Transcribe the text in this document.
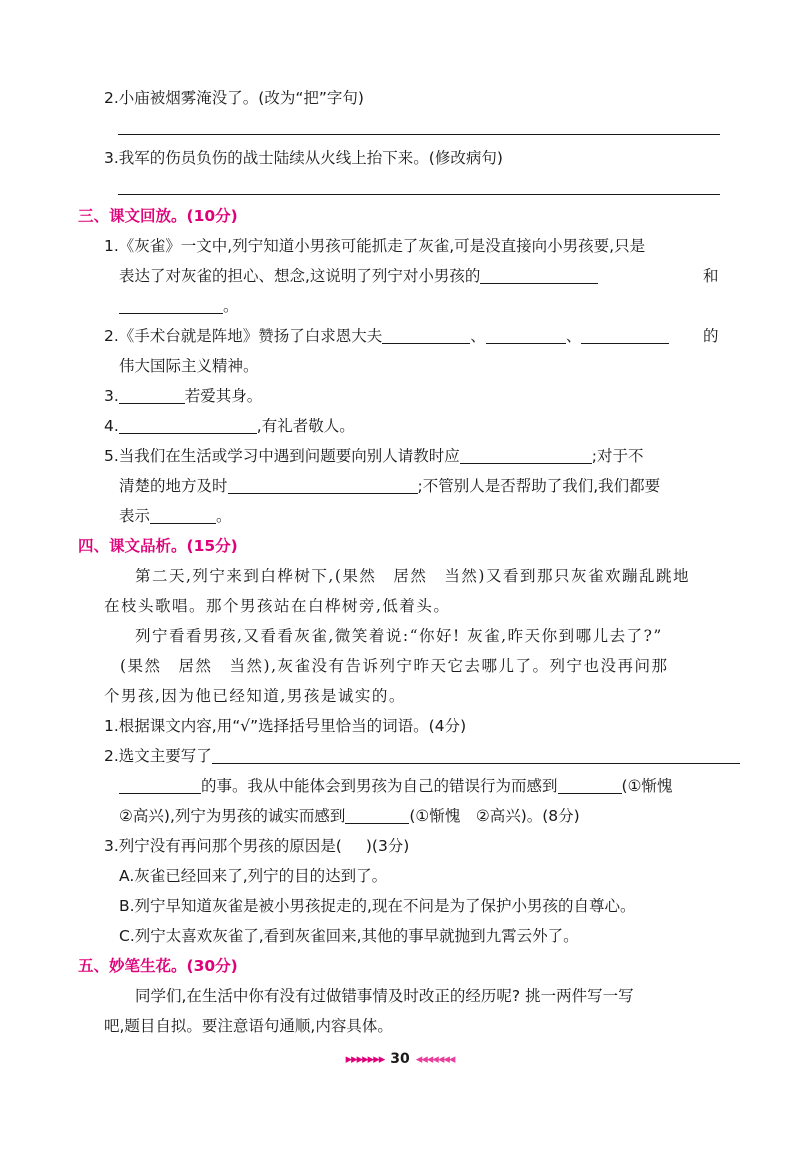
2.小庙被烟雾淹没了。(改为“把”字句)
3.我军的伤员负伤的战士陆续从火线上抬下来。(修改病句)
三、课文回放。(10分)
1.《灰雀》一文中,列宁知道小男孩可能抓走了灰雀,可是没直接向小男孩要,只是
表达了对灰雀的担心、想念,这说明了列宁对小男孩的	和
。
2.《手术台就是阵地》赞扬了白求恩大夫	、	、	的
伟大国际主义精神。
3.	若爱其身。
4.	,有礼者敬人。
5.当我们在生活或学习中遇到问题要向别人请教时应	;对于不
清楚的地方及时	;不管别人是否帮助了我们,我们都要
表示	。
四、课文品析。(15分)
第二天,列宁来到白桦树下,(果然　居然　当然)又看到那只灰雀欢蹦乱跳地
在枝头歌唱。那个男孩站在白桦树旁,低着头。
列宁看看男孩,又看看灰雀,微笑着说:“你好! 灰雀,昨天你到哪儿去了?”
(果然　居然　当然),灰雀没有告诉列宁昨天它去哪儿了。列宁也没再问那
个男孩,因为他已经知道,男孩是诚实的。
1.根据课文内容,用“√”选择括号里恰当的词语。(4分)
2.选文主要写了
的事。我从中能体会到男孩为自己的错误行为而感到	(①惭愧
②高兴),列宁为男孩的诚实而感到	(①惭愧　②高兴)。(8分)
3.列宁没有再问那个男孩的原因是( )(3分)
A.灰雀已经回来了,列宁的目的达到了。
B.列宁早知道灰雀是被小男孩捉走的,现在不问是为了保护小男孩的自尊心。
C.列宁太喜欢灰雀了,看到灰雀回来,其他的事早就抛到九霄云外了。
五、妙笔生花。(30分)
同学们,在生活中你有没有过做错事情及时改正的经历呢? 挑一两件写一写
吧,题目自拟。要注意语句通顺,内容具体。
▸▸▸▸▸▸▸ 30 ◂◂◂◂◂◂◂
